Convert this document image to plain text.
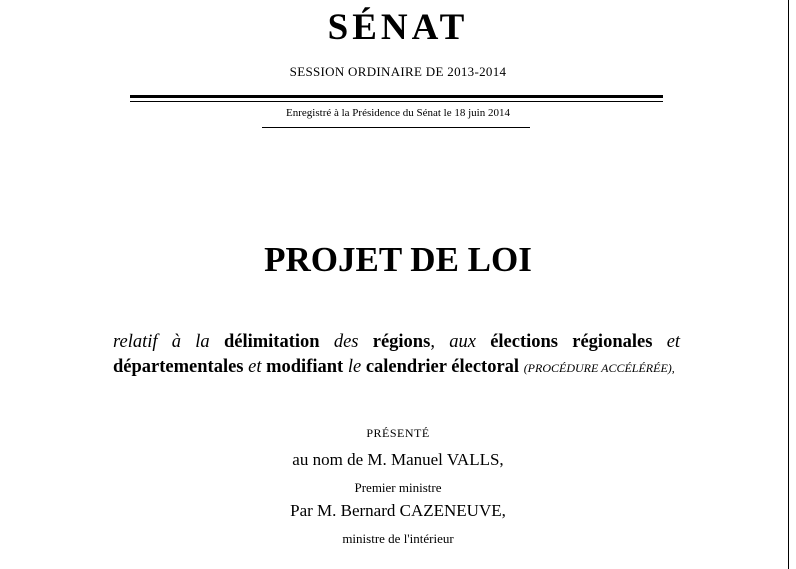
SÉNAT
SESSION ORDINAIRE DE 2013-2014
Enregistré à la Présidence du Sénat le 18 juin 2014
PROJET DE LOI
relatif à la délimitation des régions, aux élections régionales et départementales et modifiant le calendrier électoral (PROCÉDURE ACCÉLÉRÉE),
PRÉSENTÉ
au nom de M. Manuel VALLS,
Premier ministre
Par M. Bernard CAZENEUVE,
ministre de l'intérieur
